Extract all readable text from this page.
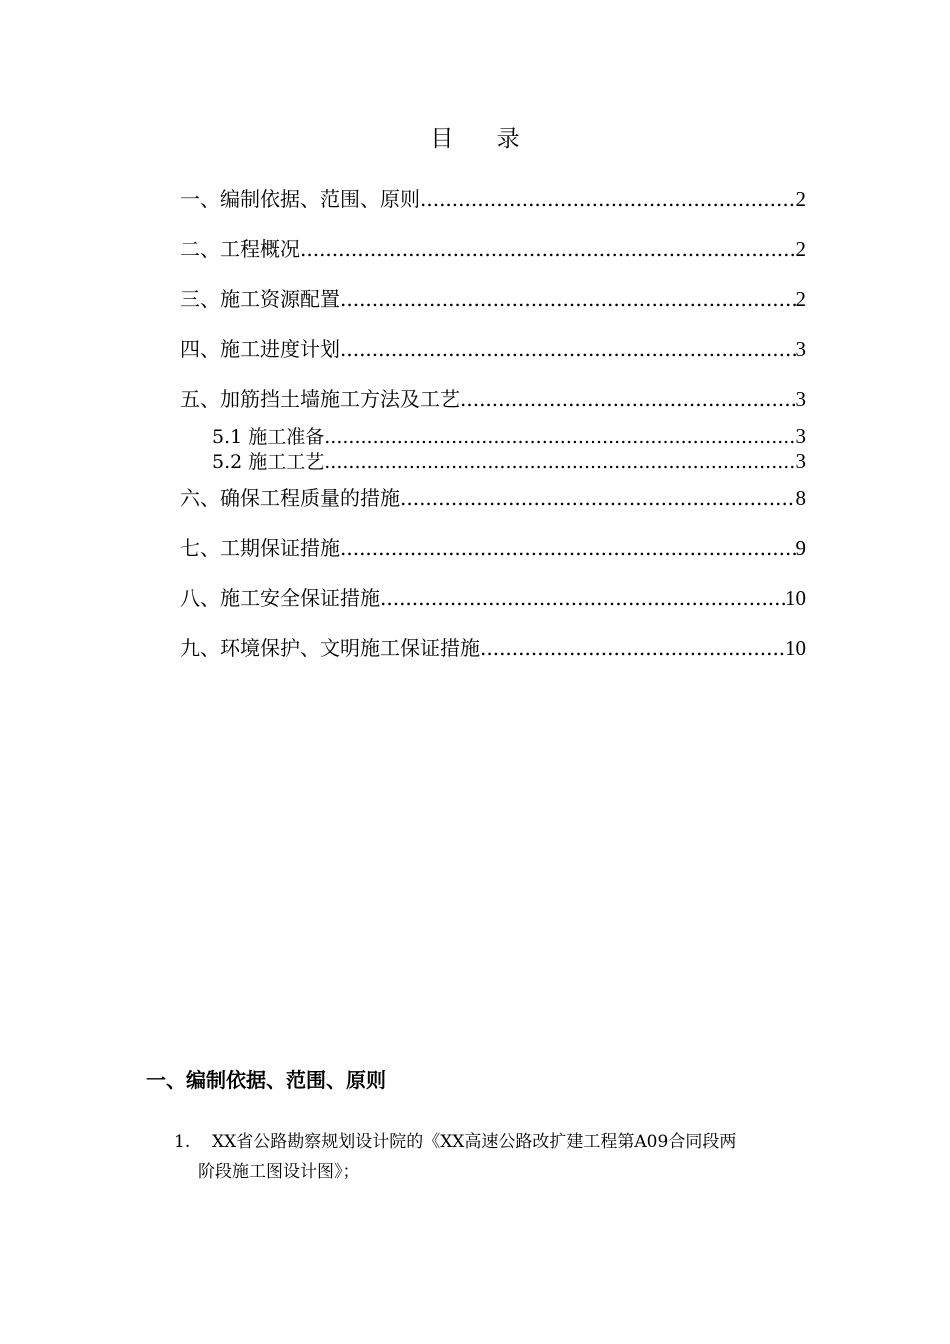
目 录
一、编制依据、范围、原则 .....	2
二、工程概况 .....	2
三、施工资源配置 .....	2
四、施工进度计划 .....	3
五、加筋挡土墙施工方法及工艺 .....	3
5.1 施工准备 .....	3
5.2 施工工艺 .....	3
六、确保工程质量的措施 .....	8
七、工期保证措施 .....	9
八、施工安全保证措施 .....	10
九、环境保护、文明施工保证措施 .....	10
一、编制依据、范围、原则
1. XX省公路勘察规划设计院的《XX高速公路改扩建工程第A09合同段两
阶段施工图设计图》；
